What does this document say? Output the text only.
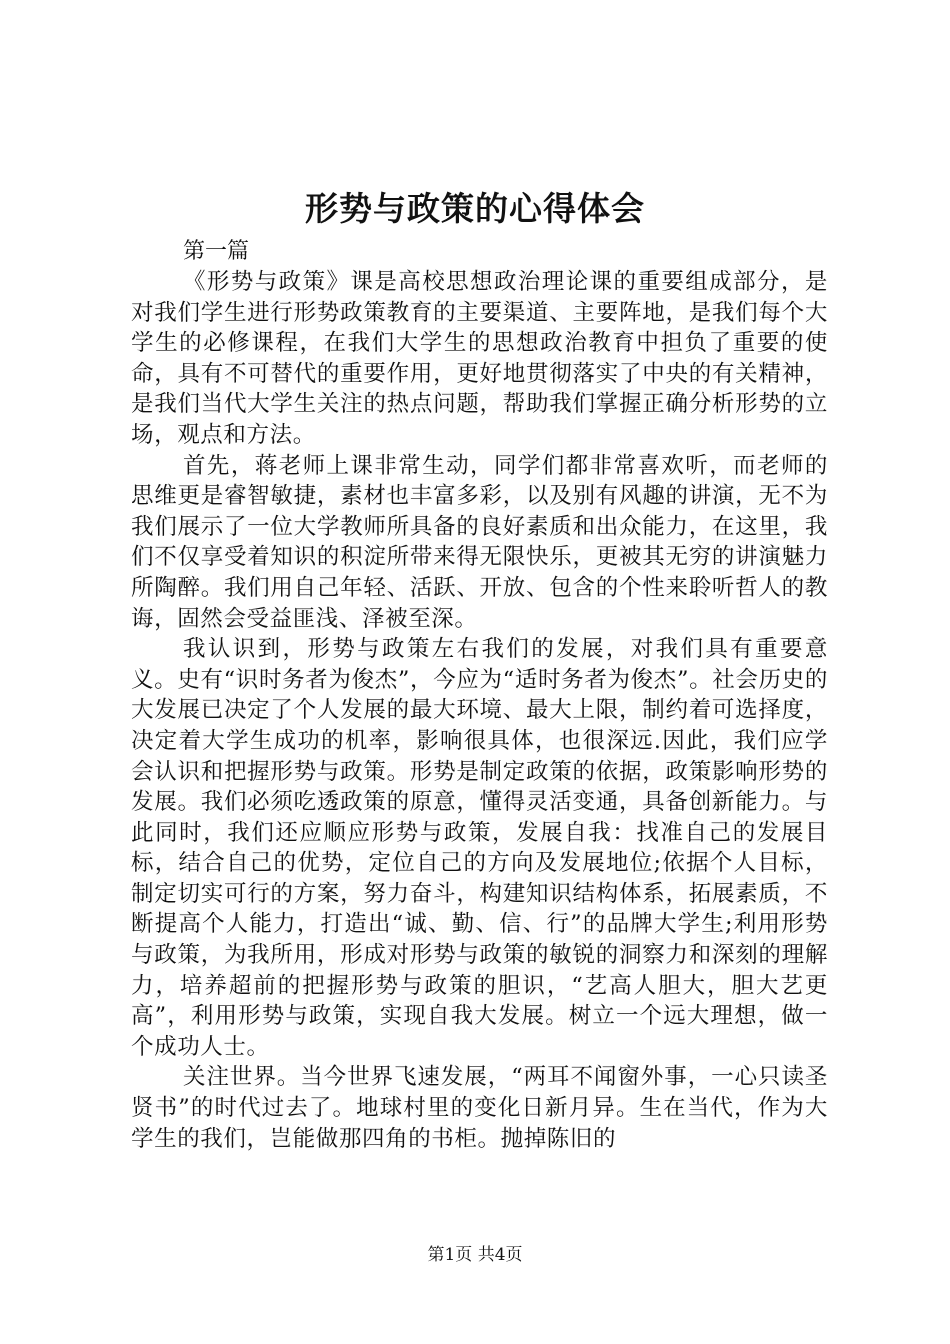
形势与政策的心得体会

第一篇

《形势与政策》课是高校思想政治理论课的重要组成部分，是对我们学生进行形势政策教育的主要渠道、主要阵地，是我们每个大学生的必修课程，在我们大学生的思想政治教育中担负了重要的使命，具有不可替代的重要作用，更好地贯彻落实了中央的有关精神，是我们当代大学生关注的热点问题，帮助我们掌握正确分析形势的立场，观点和方法。

首先，蒋老师上课非常生动，同学们都非常喜欢听，而老师的思维更是睿智敏捷，素材也丰富多彩，以及别有风趣的讲演，无不为我们展示了一位大学教师所具备的良好素质和出众能力，在这里，我们不仅享受着知识的积淀所带来得无限快乐，更被其无穷的讲演魅力所陶醉。我们用自己年轻、活跃、开放、包含的个性来聆听哲人的教诲，固然会受益匪浅、泽被至深。

我认识到，形势与政策左右我们的发展，对我们具有重要意义。史有“识时务者为俊杰”，今应为“适时务者为俊杰”。社会历史的大发展已决定了个人发展的最大环境、最大上限，制约着可选择度，决定着大学生成功的机率，影响很具体，也很深远.因此，我们应学会认识和把握形势与政策。形势是制定政策的依据，政策影响形势的发展。我们必须吃透政策的原意，懂得灵活变通，具备创新能力。与此同时，我们还应顺应形势与政策，发展自我：找准自己的发展目标，结合自己的优势，定位自己的方向及发展地位;依据个人目标，制定切实可行的方案，努力奋斗，构建知识结构体系，拓展素质，不断提高个人能力，打造出“诚、勤、信、行”的品牌大学生;利用形势与政策，为我所用，形成对形势与政策的敏锐的洞察力和深刻的理解力，培养超前的把握形势与政策的胆识，“艺高人胆大，胆大艺更高”，利用形势与政策，实现自我大发展。树立一个远大理想，做一个成功人士。

关注世界。当今世界飞速发展，“两耳不闻窗外事，一心只读圣贤书”的时代过去了。地球村里的变化日新月异。生在当代，作为大学生的我们，岂能做那四角的书柜。抛掉陈旧的

第1页 共4页
